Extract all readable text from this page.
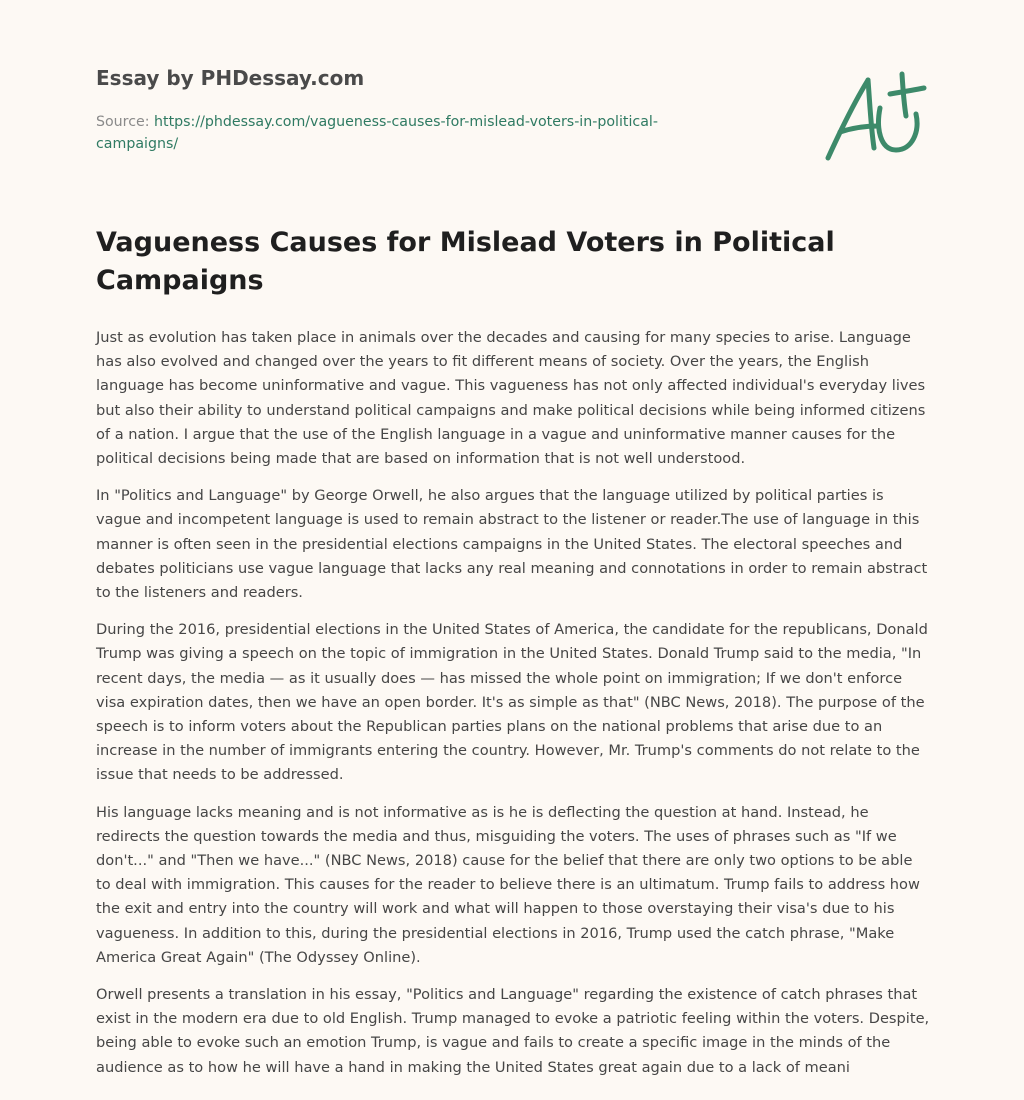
Essay by PHDessay.com
Source: https://phdessay.com/vagueness-causes-for-mislead-voters-in-political-campaigns/
Vagueness Causes for Mislead Voters in Political Campaigns

Just as evolution has taken place in animals over the decades and causing for many species to arise. Language has also evolved and changed over the years to fit different means of society. Over the years, the English language has become uninformative and vague. This vagueness has not only affected individual's everyday lives but also their ability to understand political campaigns and make political decisions while being informed citizens of a nation. I argue that the use of the English language in a vague and uninformative manner causes for the political decisions being made that are based on information that is not well understood.

In "Politics and Language" by George Orwell, he also argues that the language utilized by political parties is vague and incompetent language is used to remain abstract to the listener or reader.The use of language in this manner is often seen in the presidential elections campaigns in the United States. The electoral speeches and debates politicians use vague language that lacks any real meaning and connotations in order to remain abstract to the listeners and readers.

During the 2016, presidential elections in the United States of America, the candidate for the republicans, Donald Trump was giving a speech on the topic of immigration in the United States. Donald Trump said to the media, "In recent days, the media — as it usually does — has missed the whole point on immigration; If we don't enforce visa expiration dates, then we have an open border. It's as simple as that" (NBC News, 2018). The purpose of the speech is to inform voters about the Republican parties plans on the national problems that arise due to an increase in the number of immigrants entering the country. However, Mr. Trump's comments do not relate to the issue that needs to be addressed.

His language lacks meaning and is not informative as is he is deflecting the question at hand. Instead, he redirects the question towards the media and thus, misguiding the voters. The uses of phrases such as "If we don't..." and "Then we have..." (NBC News, 2018) cause for the belief that there are only two options to be able to deal with immigration. This causes for the reader to believe there is an ultimatum. Trump fails to address how the exit and entry into the country will work and what will happen to those overstaying their visa's due to his vagueness. In addition to this, during the presidential elections in 2016, Trump used the catch phrase, "Make America Great Again" (The Odyssey Online).

Orwell presents a translation in his essay, "Politics and Language" regarding the existence of catch phrases that exist in the modern era due to old English. Trump managed to evoke a patriotic feeling within the voters. Despite, being able to evoke such an emotion Trump, is vague and fails to create a specific image in the minds of the audience as to how he will have a hand in making the United States great again due to a lack of meani
